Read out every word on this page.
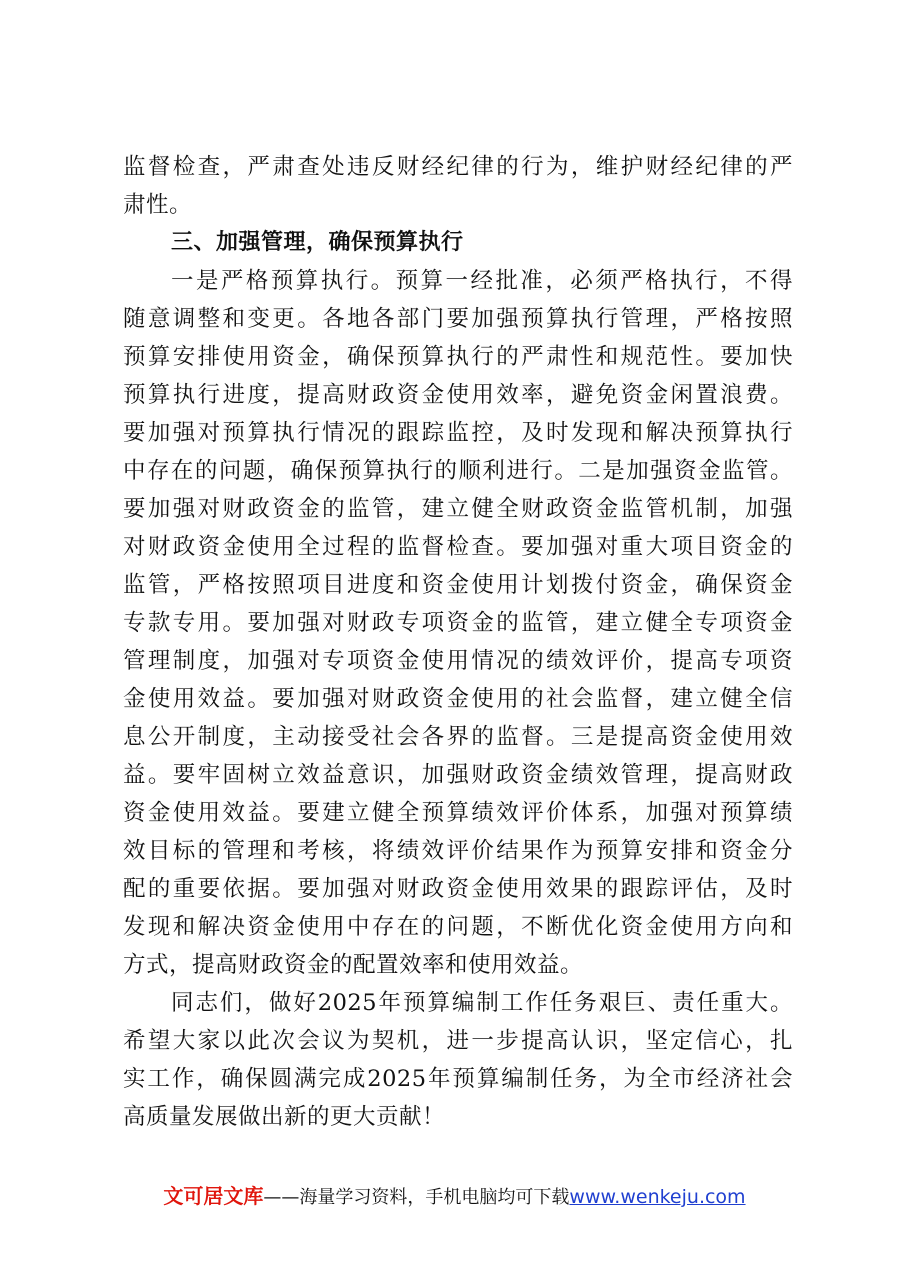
监督检查，严肃查处违反财经纪律的行为，维护财经纪律的严
肃性。
三、加强管理，确保预算执行
一是严格预算执行。预算一经批准，必须严格执行，不得
随意调整和变更。各地各部门要加强预算执行管理，严格按照
预算安排使用资金，确保预算执行的严肃性和规范性。要加快
预算执行进度，提高财政资金使用效率，避免资金闲置浪费。
要加强对预算执行情况的跟踪监控，及时发现和解决预算执行
中存在的问题，确保预算执行的顺利进行。二是加强资金监管。
要加强对财政资金的监管，建立健全财政资金监管机制，加强
对财政资金使用全过程的监督检查。要加强对重大项目资金的
监管，严格按照项目进度和资金使用计划拨付资金，确保资金
专款专用。要加强对财政专项资金的监管，建立健全专项资金
管理制度，加强对专项资金使用情况的绩效评价，提高专项资
金使用效益。要加强对财政资金使用的社会监督，建立健全信
息公开制度，主动接受社会各界的监督。三是提高资金使用效
益。要牢固树立效益意识，加强财政资金绩效管理，提高财政
资金使用效益。要建立健全预算绩效评价体系，加强对预算绩
效目标的管理和考核，将绩效评价结果作为预算安排和资金分
配的重要依据。要加强对财政资金使用效果的跟踪评估，及时
发现和解决资金使用中存在的问题，不断优化资金使用方向和
方式，提高财政资金的配置效率和使用效益。
同志们，做好2025年预算编制工作任务艰巨、责任重大。
希望大家以此次会议为契机，进一步提高认识，坚定信心，扎
实工作，确保圆满完成2025年预算编制任务，为全市经济社会
高质量发展做出新的更大贡献！
文可居文库——海量学习资料，手机电脑均可下载www.wenkeju.com
